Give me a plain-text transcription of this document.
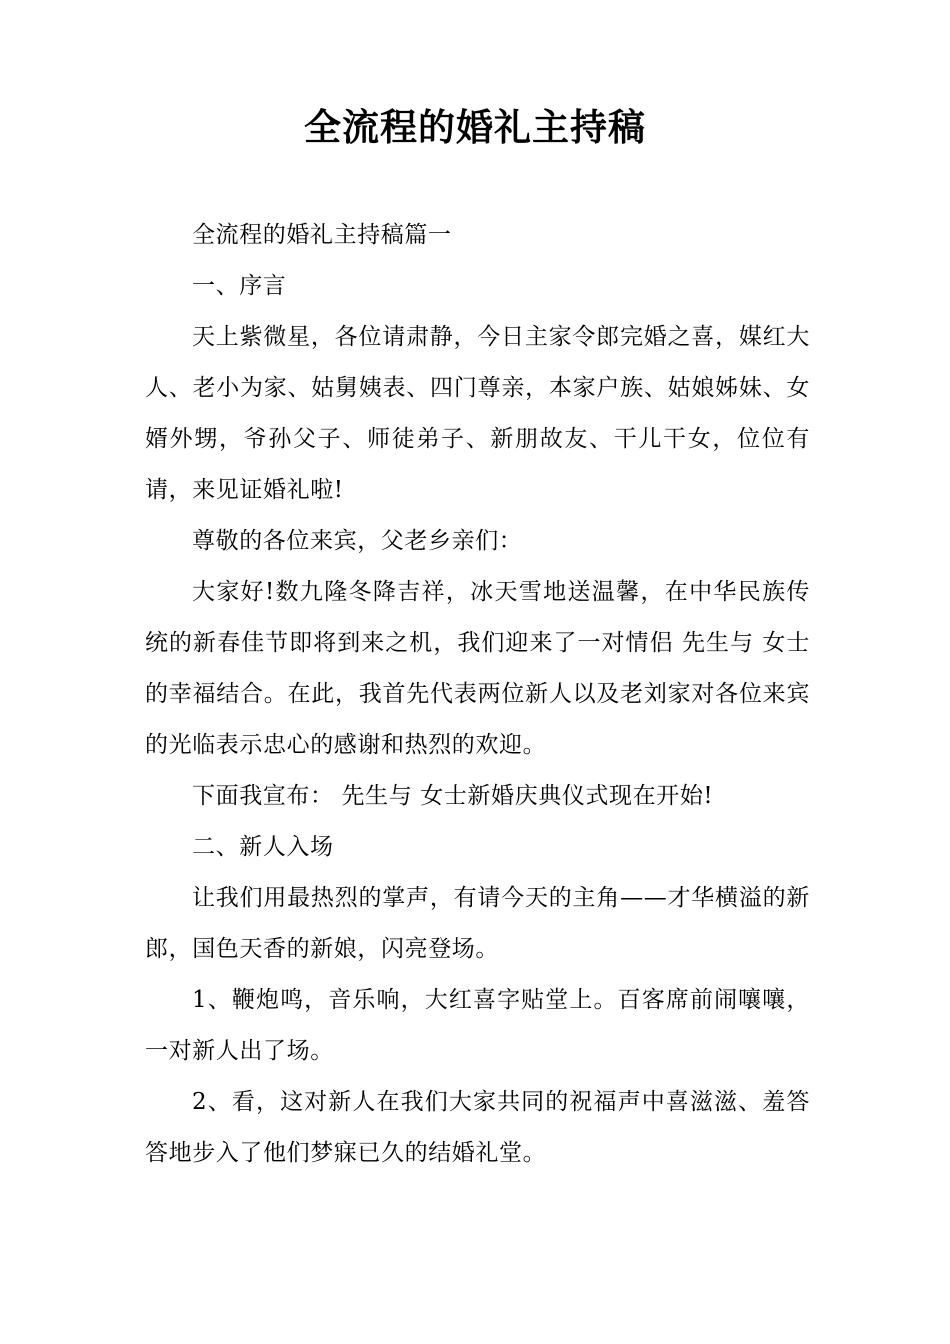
全流程的婚礼主持稿

全流程的婚礼主持稿篇一

一、序言

天上紫微星，各位请肃静，今日主家令郎完婚之喜，媒红大人、老小为家、姑舅姨表、四门尊亲，本家户族、姑娘姊妹、女婿外甥，爷孙父子、师徒弟子、新朋故友、干儿干女，位位有请，来见证婚礼啦!

尊敬的各位来宾，父老乡亲们：

大家好!数九隆冬降吉祥，冰天雪地送温馨，在中华民族传统的新春佳节即将到来之机，我们迎来了一对情侣 先生与 女士的幸福结合。在此，我首先代表两位新人以及老刘家对各位来宾的光临表示忠心的感谢和热烈的欢迎。

下面我宣布： 先生与 女士新婚庆典仪式现在开始!

二、新人入场

让我们用最热烈的掌声，有请今天的主角——才华横溢的新郎，国色天香的新娘，闪亮登场。

1、鞭炮鸣，音乐响，大红喜字贴堂上。百客席前闹嚷嚷，一对新人出了场。

2、看，这对新人在我们大家共同的祝福声中喜滋滋、羞答答地步入了他们梦寐已久的结婚礼堂。
